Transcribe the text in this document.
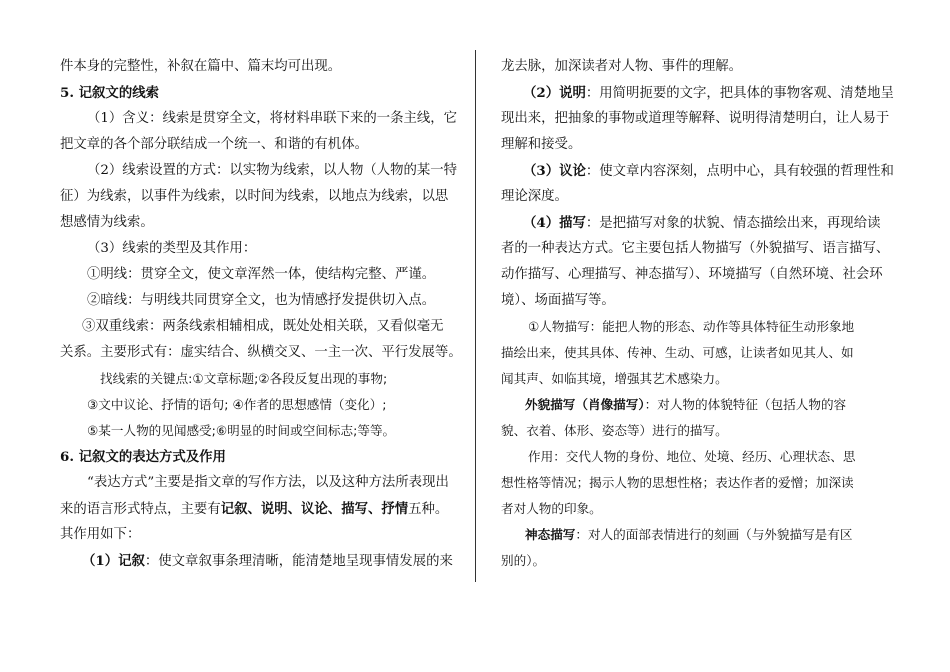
件本身的完整性，补叙在篇中、篇末均可出现。
5. 记叙文的线索
（1）含义：线索是贯穿全文，将材料串联下来的一条主线，它
把文章的各个部分联结成一个统一、和谐的有机体。
（2）线索设置的方式：以实物为线索，以人物（人物的某一特
征）为线索，以事件为线索，以时间为线索，以地点为线索，以思
想感情为线索。
（3）线索的类型及其作用：
①明线：贯穿全文，使文章浑然一体，使结构完整、严谨。
②暗线：与明线共同贯穿全文，也为情感抒发提供切入点。
③双重线索：两条线索相辅相成，既处处相关联，又看似毫无
关系。主要形式有：虚实结合、纵横交叉、一主一次、平行发展等。
找线索的关键点:①文章标题;②各段反复出现的事物;
③文中议论、抒情的语句; ④作者的思想感情（变化）;
⑤某一人物的见闻感受;⑥明显的时间或空间标志;等等。
6. 记叙文的表达方式及作用
“表达方式”主要是指文章的写作方法，以及这种方法所表现出
来的语言形式特点，主要有记叙、说明、议论、描写、抒情五种。
其作用如下：
（1）记叙：使文章叙事条理清晰，能清楚地呈现事情发展的来
龙去脉，加深读者对人物、事件的理解。
（2）说明：用简明扼要的文字，把具体的事物客观、清楚地呈
现出来，把抽象的事物或道理等解释、说明得清楚明白，让人易于
理解和接受。
（3）议论：使文章内容深刻，点明中心，具有较强的哲理性和
理论深度。
（4）描写：是把描写对象的状貌、情态描绘出来，再现给读
者的一种表达方式。它主要包括人物描写（外貌描写、语言描写、
动作描写、心理描写、神态描写）、环境描写（自然环境、社会环
境）、场面描写等。
①人物描写：能把人物的形态、动作等具体特征生动形象地
描绘出来，使其具体、传神、生动、可感，让读者如见其人、如
闻其声、如临其境，增强其艺术感染力。
外貌描写（肖像描写）：对人物的体貌特征（包括人物的容
貌、衣着、体形、姿态等）进行的描写。
作用：交代人物的身份、地位、处境、经历、心理状态、思
想性格等情况；揭示人物的思想性格；表达作者的爱憎；加深读
者对人物的印象。
神态描写：对人的面部表情进行的刻画（与外貌描写是有区
别的）。
